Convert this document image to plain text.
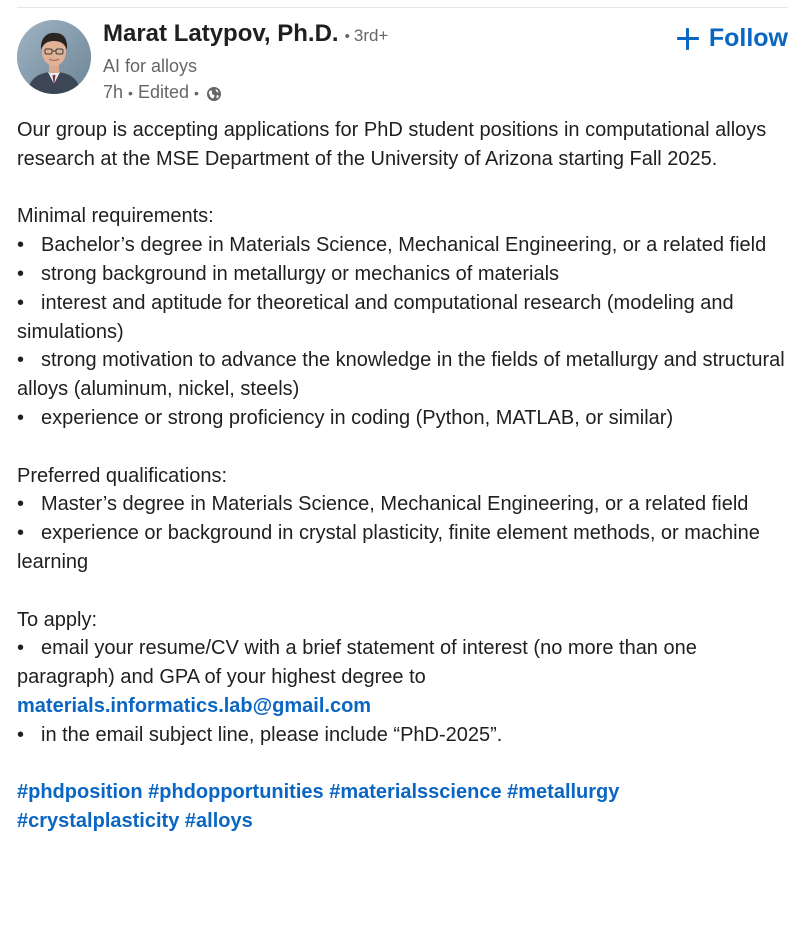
Marat Latypov, Ph.D. • 3rd+
AI for alloys
7h • Edited •
Follow

Our group is accepting applications for PhD student positions in computational alloys research at the MSE Department of the University of Arizona starting Fall 2025.

Minimal requirements:

• Bachelor’s degree in Materials Science, Mechanical Engineering, or a related field

• strong background in metallurgy or mechanics of materials

• interest and aptitude for theoretical and computational research (modeling and simulations)

• strong motivation to advance the knowledge in the fields of metallurgy and structural alloys (aluminum, nickel, steels)

• experience or strong proficiency in coding (Python, MATLAB, or similar)

Preferred qualifications:

• Master’s degree in Materials Science, Mechanical Engineering, or a related field

• experience or background in crystal plasticity, finite element methods, or machine learning

To apply:

• email your resume/CV with a brief statement of interest (no more than one paragraph) and GPA of your highest degree to

materials.informatics.lab@gmail.com

• in the email subject line, please include “PhD-2025”.

#phdposition #phdopportunities #materialsscience #metallurgy

#crystalplasticity #alloys
